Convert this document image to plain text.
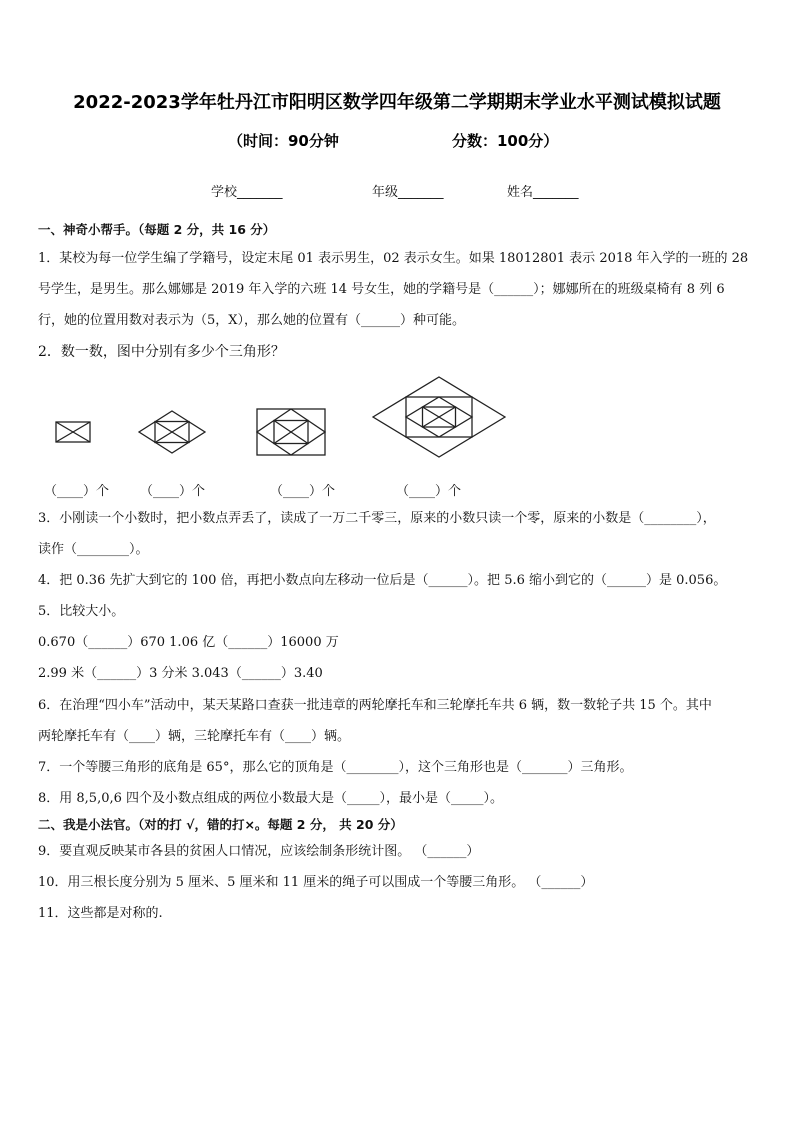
2022-2023学年牡丹江市阳明区数学四年级第二学期期末学业水平测试模拟试题
（时间：90分钟	分数：100分）
学校_______	年级_______	姓名_______
一、神奇小帮手。（每题 2 分，共 16 分）
1．某校为每一位学生编了学籍号，设定末尾 01 表示男生，02 表示女生。如果 18012801 表示 2018 年入学的一班的 28
号学生，是男生。那么娜娜是 2019 年入学的六班 14 号女生，她的学籍号是（______）；娜娜所在的班级桌椅有 8 列 6
行，她的位置用数对表示为（5，X），那么她的位置有（______）种可能。
2．数一数，图中分别有多少个三角形？
（____）个 （____）个	（____）个	（____）个
3．小刚读一个小数时，把小数点弄丢了，读成了一万二千零三，原来的小数只读一个零，原来的小数是（________），
读作（________）。
4．把 0.36 先扩大到它的 100 倍，再把小数点向左移动一位后是（______）。把 5.6 缩小到它的（______）是 0.056。
5．比较大小。
0.670（______）670 1.06 亿（______）16000 万
2.99 米（______）3 分米 3.043（______）3.40
6．在治理“四小车”活动中，某天某路口查获一批违章的两轮摩托车和三轮摩托车共 6 辆，数一数轮子共 15 个。其中
两轮摩托车有（____）辆，三轮摩托车有（____）辆。
7．一个等腰三角形的底角是 65°，那么它的顶角是（________），这个三角形也是（_______）三角形。
8．用 8,5,0,6 四个及小数点组成的两位小数最大是（_____），最小是（_____）。
二、我是小法官。（对的打 √，错的打×。每题 2 分， 共 20 分）
9．要直观反映某市各县的贫困人口情况，应该绘制条形统计图。 （______）
10．用三根长度分别为 5 厘米、5 厘米和 11 厘米的绳子可以围成一个等腰三角形。 （______）
11．这些都是对称的.
